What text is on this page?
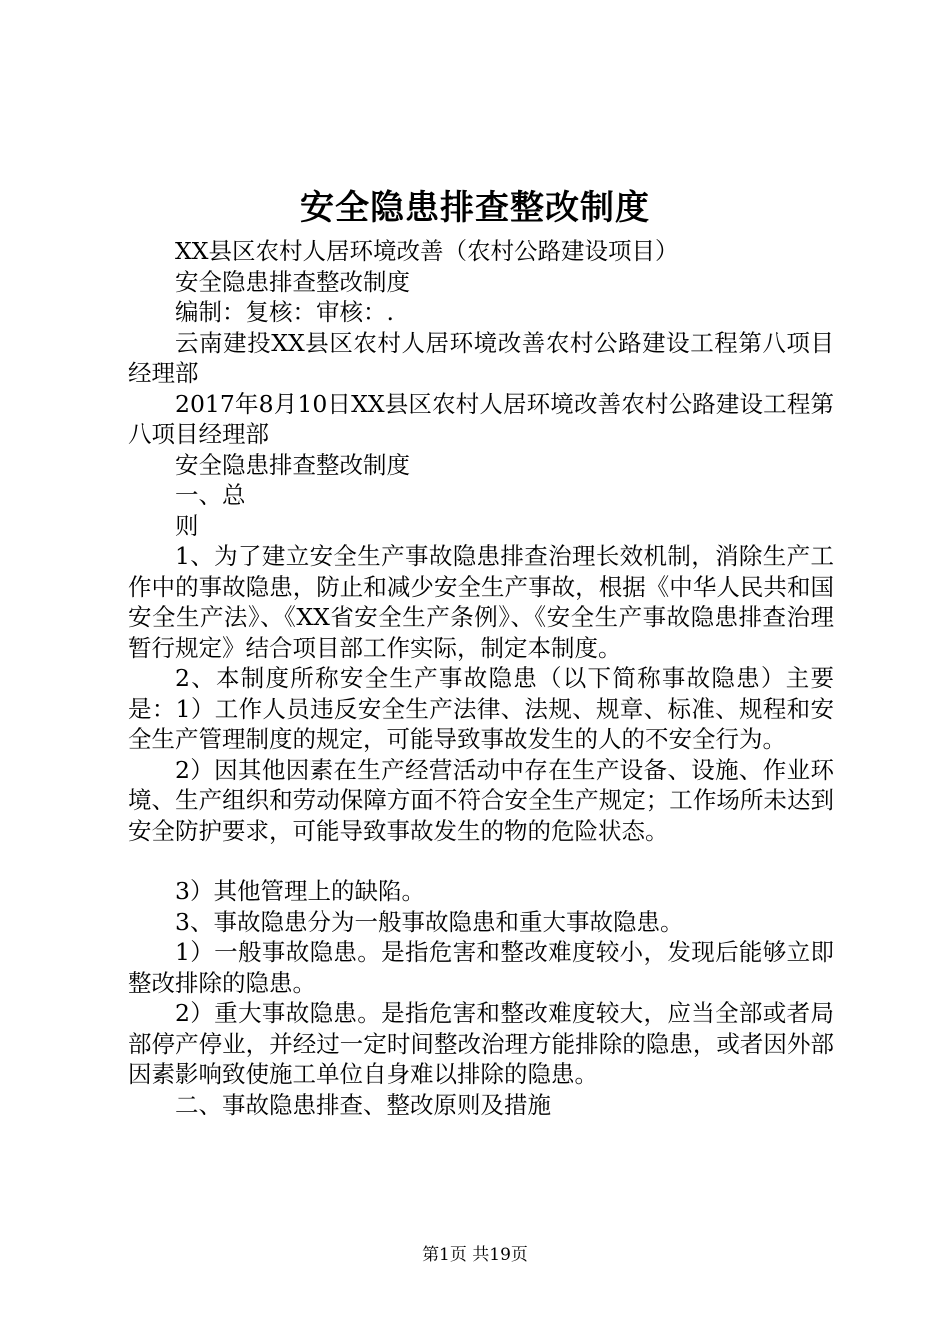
安全隐患排查整改制度

XX县区农村人居环境改善（农村公路建设项目）

安全隐患排查整改制度

编制：复核：审核：.

云南建投XX县区农村人居环境改善农村公路建设工程第八项目经理部

2017年8月10日XX县区农村人居环境改善农村公路建设工程第八项目经理部

安全隐患排查整改制度

一、总

则

1、为了建立安全生产事故隐患排查治理长效机制，消除生产工作中的事故隐患，防止和减少安全生产事故，根据《中华人民共和国安全生产法》、《XX省安全生产条例》、《安全生产事故隐患排查治理暂行规定》结合项目部工作实际，制定本制度。

2、本制度所称安全生产事故隐患（以下简称事故隐患）主要是：1）工作人员违反安全生产法律、法规、规章、标准、规程和安全生产管理制度的规定，可能导致事故发生的人的不安全行为。

2）因其他因素在生产经营活动中存在生产设备、设施、作业环境、生产组织和劳动保障方面不符合安全生产规定；工作场所未达到安全防护要求，可能导致事故发生的物的危险状态。

3）其他管理上的缺陷。

3、事故隐患分为一般事故隐患和重大事故隐患。

1）一般事故隐患。是指危害和整改难度较小，发现后能够立即整改排除的隐患。

2）重大事故隐患。是指危害和整改难度较大，应当全部或者局部停产停业，并经过一定时间整改治理方能排除的隐患，或者因外部因素影响致使施工单位自身难以排除的隐患。

二、事故隐患排查、整改原则及措施

第1页 共19页
